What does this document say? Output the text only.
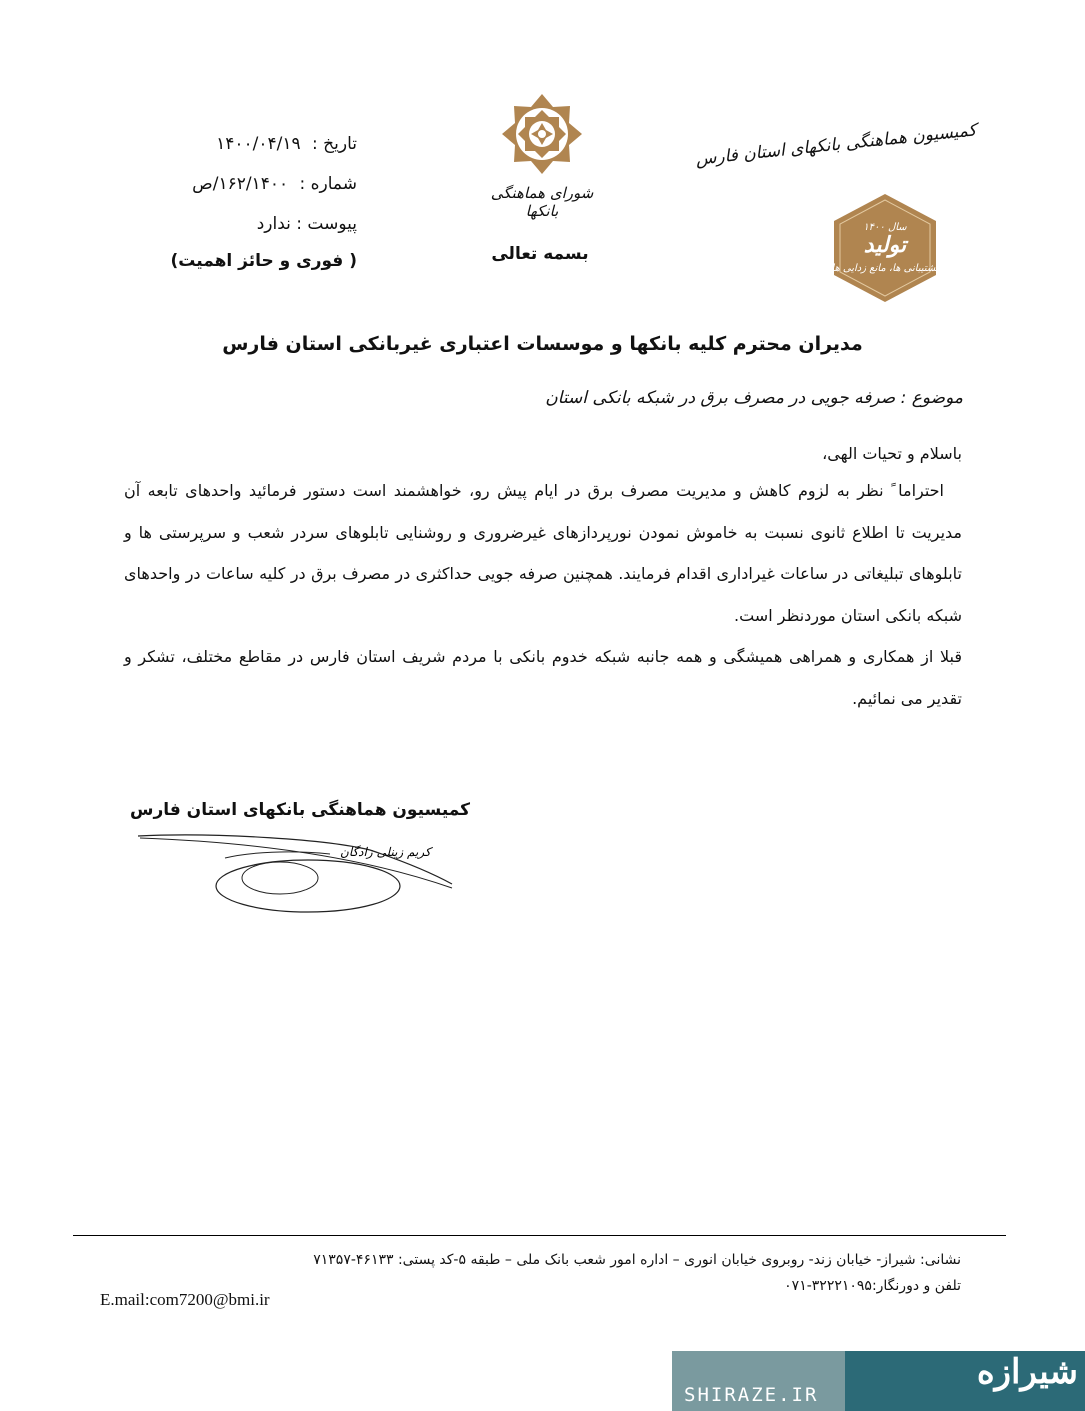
تاریخ : ۱۴۰۰/۰۴/۱۹
شماره : ۱۶۲/۱۴۰۰/ص
پیوست : ندارد
( فوری و حائز اهمیت)
شورای هماهنگی بانکها
بسمه تعالی
کمیسیون هماهنگی بانکهای استان فارس
سال ۱۴۰۰
تولید
پشتیبانی ها، مانع زدایی ها
مدیران محترم کلیه بانکها و موسسات اعتباری غیربانکی استان فارس
موضوع : صرفه جویی در مصرف برق در شبکه بانکی استان

باسلام و تحیات الهی،

احتراما ً نظر به لزوم کاهش و مدیریت مصرف برق در ایام پیش رو، خواهشمند است دستور فرمائید واحدهای تابعه آن مدیریت تا اطلاع ثانوی نسبت به خاموش نمودن نورپردازهای غیرضروری و روشنایی تابلوهای سردر شعب و سرپرستی ها و تابلوهای تبلیغاتی در ساعات غیراداری اقدام فرمایند. همچنین صرفه جویی حداکثری در مصرف برق در کلیه ساعات در واحدهای شبکه بانکی استان موردنظر است.

قبلا از همکاری و همراهی همیشگی و همه جانبه شبکه خدوم بانکی با مردم شریف استان فارس در مقاطع مختلف، تشکر و تقدیر می نمائیم.

کمیسیون هماهنگی بانکهای استان فارس
کریم زینلی زادگان
نشانی: شیراز- خیابان زند- روبروی خیابان انوری – اداره امور شعب بانک ملی – طبقه ۵-کد پستی: ۴۶۱۳۳-۷۱۳۵۷
تلفن و دورنگار:۳۲۲۲۱۰۹۵-۰۷۱
E.mail:com7200@bmi.ir
SHIRAZE.IR
شیرازه
